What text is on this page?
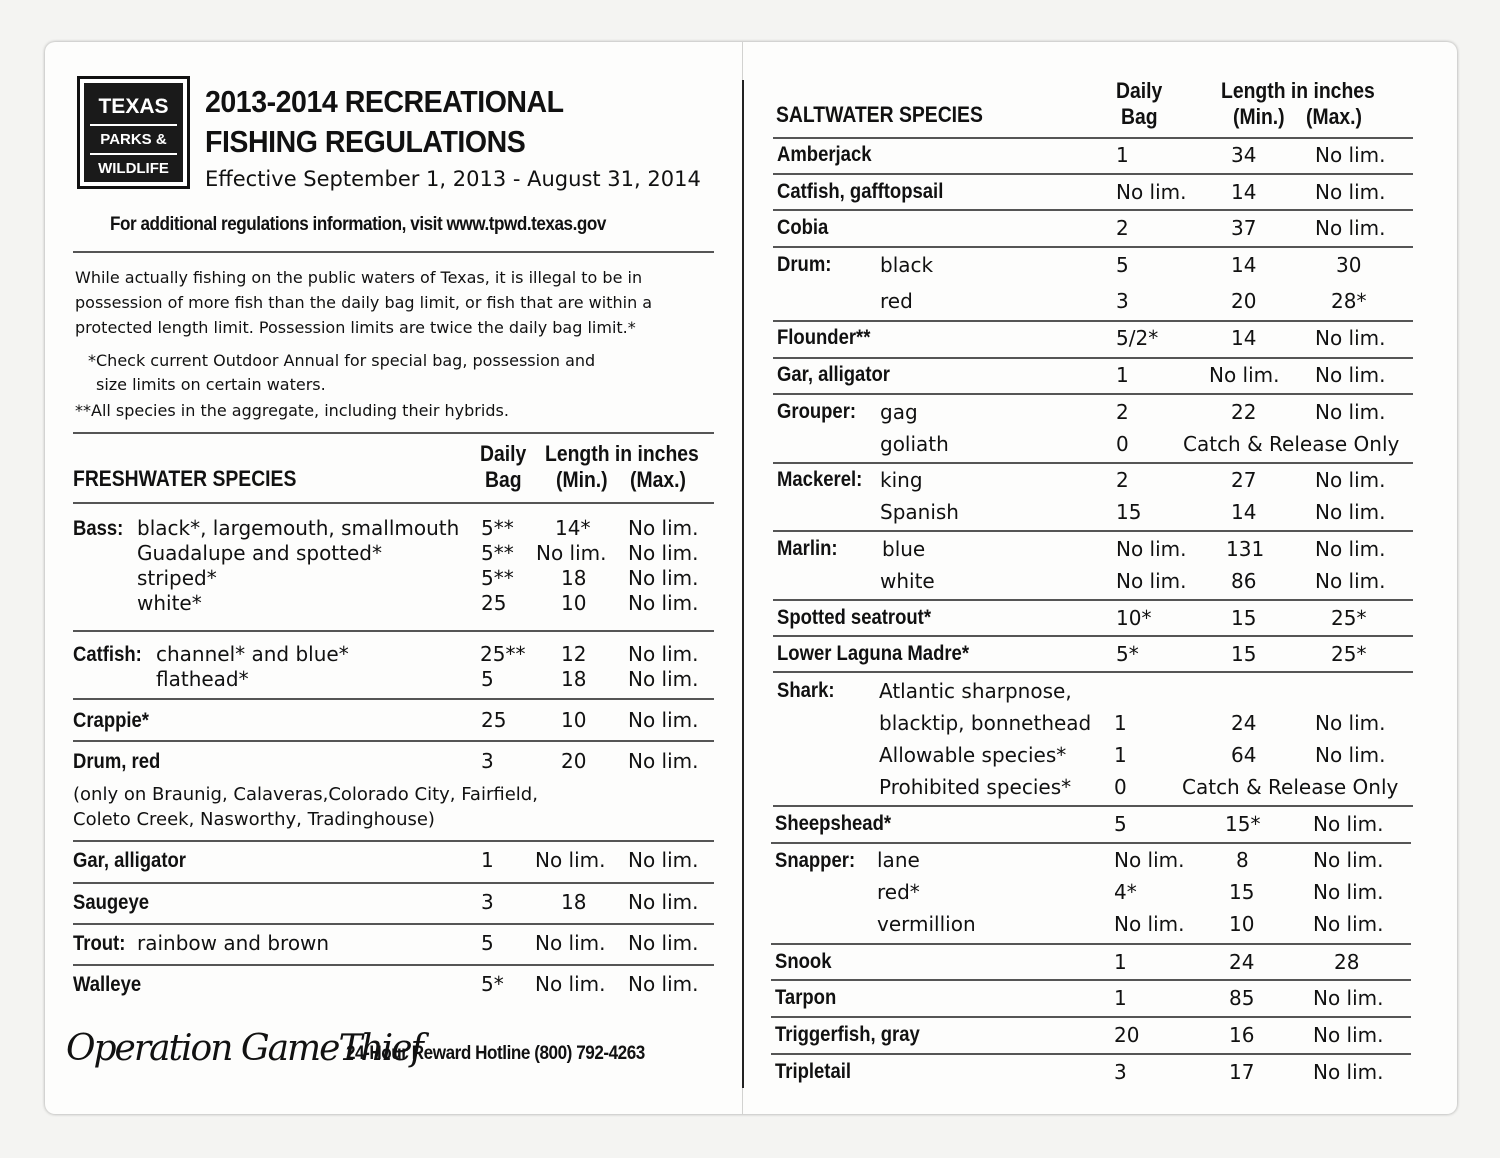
TEXAS
PARKS &
WILDLIFE
2013-2014 RECREATIONAL
FISHING REGULATIONS
Effective September 1, 2013 - August 31, 2014
For additional regulations information, visit www.tpwd.texas.gov
While actually fishing on the public waters of Texas, it is illegal to be in
possession of more fish than the daily bag limit, or fish that are within a
protected length limit. Possession limits are twice the daily bag limit.*
*Check current Outdoor Annual for special bag, possession and
size limits on certain waters.
**All species in the aggregate, including their hybrids.
FRESHWATER SPECIES
Daily
Bag
Length in inches
(Min.) (Max.)
Bass: black*, largemouth, smallmouth 5** 14* No lim.
Guadalupe and spotted*	5** No lim. No lim.
striped*	5** 18 No lim.
white*	25	10 No lim.
Catfish: channel* and blue*	25** 12 No lim.
flathead*	5	18 No lim.
Crappie*	25	10 No lim.
Drum, red	3	20 No lim.
(only on Braunig, Calaveras,Colorado City, Fairfield,
Coleto Creek, Nasworthy, Tradinghouse)
Gar, alligator	1 No lim. No lim.
Saugeye	3	18 No lim.
Trout: rainbow and brown	5 No lim. No lim.
Walleye	5* No lim. No lim.
Operation GameThief
24-Hour Reward Hotline (800) 792-4263
SALTWATER SPECIES
Daily
Bag
Length in inches
(Min.) (Max.)
Amberjack	1	34	No lim.
Catfish, gafftopsail	No lim. 14	No lim.
Cobia	2	37	No lim.
Drum: black	5	14	30
red	3	20	28*
Flounder**	5/2*	14	No lim.
Gar, alligator	1	No lim. No lim.
Grouper: gag	2	22	No lim.
goliath	0	Catch & Release Only
Mackerel: king	2	27	No lim.
Spanish	15	14	No lim.
Marlin: blue	No lim. 131	No lim.
white	No lim. 86	No lim.
Spotted seatrout*	10*	15	25*
Lower Laguna Madre*	5*	15	25*
Shark: Atlantic sharpnose,
blacktip, bonnethead 1	24	No lim.
Allowable species* 1	64	No lim.
Prohibited species* 0	Catch & Release Only
Sheepshead*	5	15*	No lim.
Snapper: lane	No lim.	8	No lim.
red*	4*	15	No lim.
vermillion	No lim. 10	No lim.
Snook	1	24	28
Tarpon	1	85	No lim.
Triggerfish, gray	20	16	No lim.
Tripletail	3	17	No lim.
